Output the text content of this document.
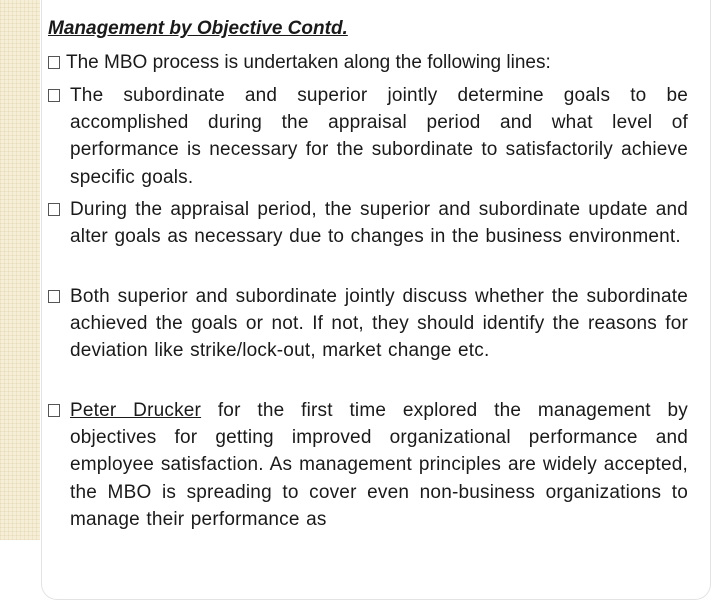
Management by Objective Contd.
The MBO process is undertaken along the following lines:
The subordinate and superior jointly determine goals to be accomplished during the appraisal period and what level of performance is necessary for the subordinate to satisfactorily achieve specific goals.
During the appraisal period, the superior and subordinate update and alter goals as necessary due to changes in the business environment.
Both superior and subordinate jointly discuss whether the subordinate achieved the goals or not. If not, they should identify the reasons for deviation like strike/lock-out, market change etc.
Peter Drucker for the first time explored the management by objectives for getting improved organizational performance and employee satisfaction. As management principles are widely accepted, the MBO is spreading to cover even non-business organizations to manage their performance as
